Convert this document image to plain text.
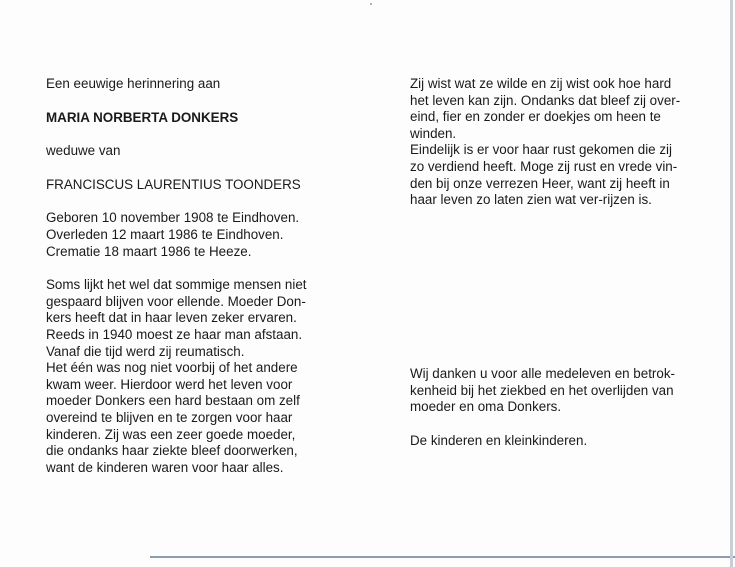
Een eeuwige herinnering aan
MARIA NORBERTA DONKERS
weduwe van
FRANCISCUS LAURENTIUS TOONDERS
Geboren 10 november 1908 te Eindhoven.
Overleden 12 maart 1986 te Eindhoven.
Crematie 18 maart 1986 te Heeze.
Soms lijkt het wel dat sommige mensen niet
gespaard blijven voor ellende. Moeder Don-
kers heeft dat in haar leven zeker ervaren.
Reeds in 1940 moest ze haar man afstaan.
Vanaf die tijd werd zij reumatisch.
Het één was nog niet voorbij of het andere
kwam weer. Hierdoor werd het leven voor
moeder Donkers een hard bestaan om zelf
overeind te blijven en te zorgen voor haar
kinderen. Zij was een zeer goede moeder,
die ondanks haar ziekte bleef doorwerken,
want de kinderen waren voor haar alles.
Zij wist wat ze wilde en zij wist ook hoe hard
het leven kan zijn. Ondanks dat bleef zij over-
eind, fier en zonder er doekjes om heen te
winden.
Eindelijk is er voor haar rust gekomen die zij
zo verdiend heeft. Moge zij rust en vrede vin-
den bij onze verrezen Heer, want zij heeft in
haar leven zo laten zien wat ver-rijzen is.
Wij danken u voor alle medeleven en betrok-
kenheid bij het ziekbed en het overlijden van
moeder en oma Donkers.
De kinderen en kleinkinderen.
